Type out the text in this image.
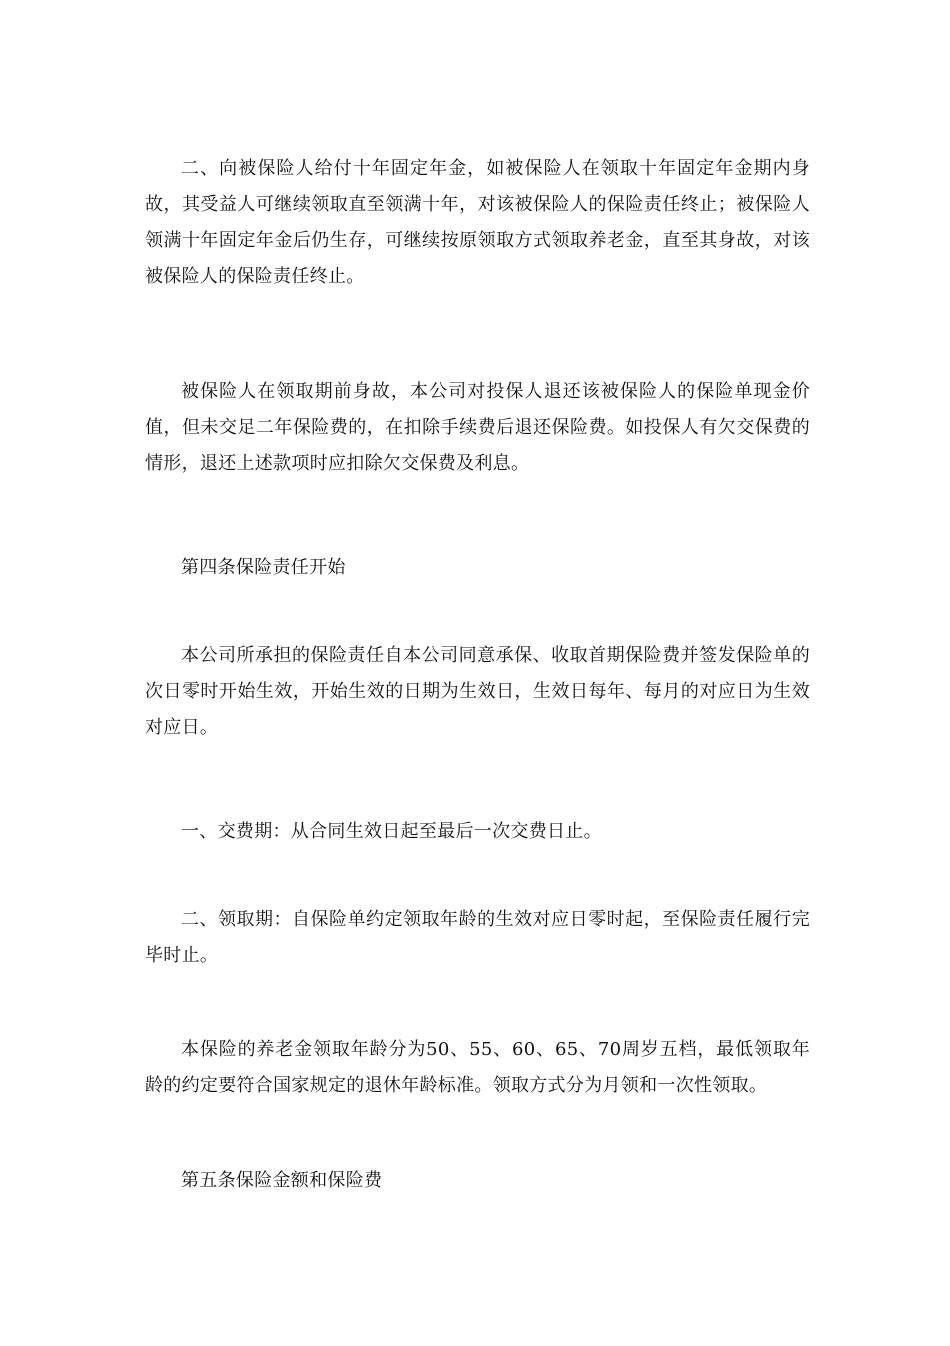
二、向被保险人给付十年固定年金，如被保险人在领取十年固定年金期内身故，其受益人可继续领取直至领满十年，对该被保险人的保险责任终止；被保险人领满十年固定年金后仍生存，可继续按原领取方式领取养老金，直至其身故，对该被保险人的保险责任终止。

被保险人在领取期前身故，本公司对投保人退还该被保险人的保险单现金价值，但未交足二年保险费的，在扣除手续费后退还保险费。如投保人有欠交保费的情形，退还上述款项时应扣除欠交保费及利息。

第四条保险责任开始

本公司所承担的保险责任自本公司同意承保、收取首期保险费并签发保险单的次日零时开始生效，开始生效的日期为生效日，生效日每年、每月的对应日为生效对应日。

一、交费期：从合同生效日起至最后一次交费日止。

二、领取期：自保险单约定领取年龄的生效对应日零时起，至保险责任履行完毕时止。

本保险的养老金领取年龄分为50、55、60、65、70周岁五档，最低领取年龄的约定要符合国家规定的退休年龄标准。领取方式分为月领和一次性领取。

第五条保险金额和保险费
